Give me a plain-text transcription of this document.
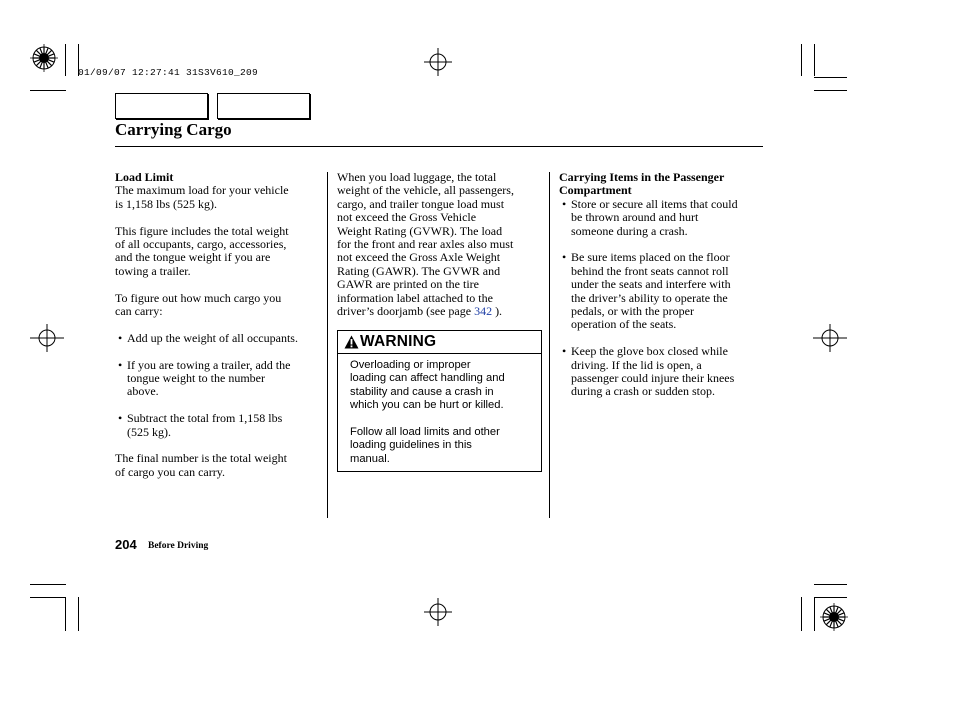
01/09/07 12:27:41 31S3V610_209
Carrying Cargo

Load Limit

The maximum load for your vehicle
is 1,158 lbs (525 kg).

This figure includes the total weight
of all occupants, cargo, accessories,
and the tongue weight if you are
towing a trailer.

To figure out how much cargo you
can carry:

• Add up the weight of all occupants.

• If you are towing a trailer, add the
tongue weight to the number
above.

• Subtract the total from 1,158 lbs
(525 kg).

The final number is the total weight
of cargo you can carry.

When you load luggage, the total
weight of the vehicle, all passengers,
cargo, and trailer tongue load must
not exceed the Gross Vehicle
Weight Rating (GVWR). The load
for the front and rear axles also must
not exceed the Gross Axle Weight
Rating (GAWR). The GVWR and
GAWR are printed on the tire
information label attached to the
driver’s doorjamb (see page 342 ).

WARNING

Overloading or improper
loading can affect handling and
stability and cause a crash in
which you can be hurt or killed.

Follow all load limits and other
loading guidelines in this
manual.

Carrying Items in the Passenger
Compartment

• Store or secure all items that could
be thrown around and hurt
someone during a crash.

• Be sure items placed on the floor
behind the front seats cannot roll
under the seats and interfere with
the driver’s ability to operate the
pedals, or with the proper
operation of the seats.

• Keep the glove box closed while
driving. If the lid is open, a
passenger could injure their knees
during a crash or sudden stop.

204 Before Driving
